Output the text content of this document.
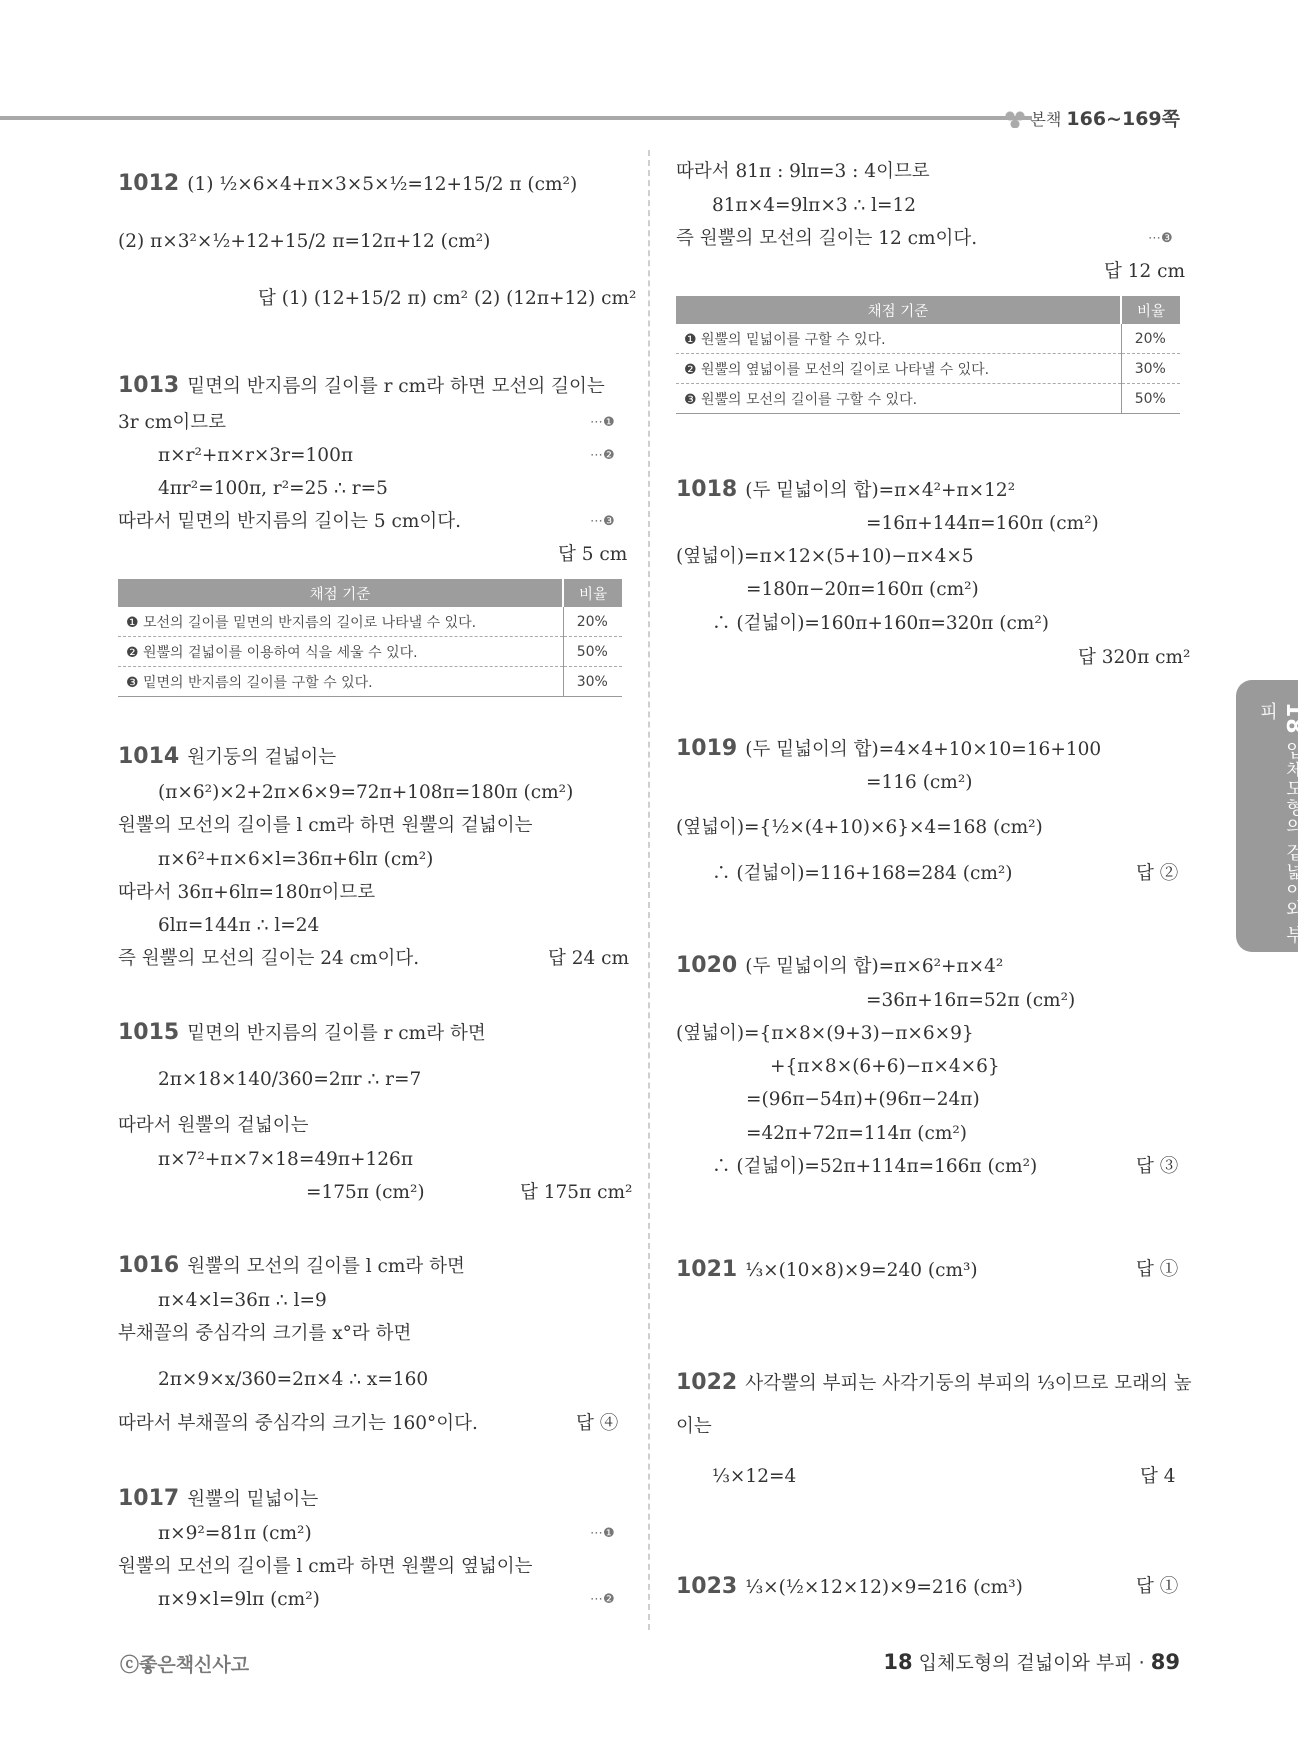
본책 166~169쪽
1012 (1) ½×6×4+π×3×5×½=12+15/2 π (cm²)
(2) π×3²×½+12+15/2 π=12π+12 (cm²)
답 (1) (12+15/2 π) cm² (2) (12π+12) cm²
1013 밑면의 반지름의 길이를 r cm라 하면 모선의 길이는
3r cm이므로	⋯❶
π×r²+π×r×3r=100π	⋯❷
4πr²=100π, r²=25 ∴ r=5
따라서 밑면의 반지름의 길이는 5 cm이다.	⋯❸
답 5 cm
채점 기준	비율
❶ 모선의 길이를 밑면의 반지름의 길이로 나타낼 수 있다.	20%
❷ 원뿔의 겉넓이를 이용하여 식을 세울 수 있다.	50%
❸ 밑면의 반지름의 길이를 구할 수 있다.	30%
1014 원기둥의 겉넓이는
(π×6²)×2+2π×6×9=72π+108π=180π (cm²)
원뿔의 모선의 길이를 l cm라 하면 원뿔의 겉넓이는
π×6²+π×6×l=36π+6lπ (cm²)
따라서 36π+6lπ=180π이므로
6lπ=144π ∴ l=24
즉 원뿔의 모선의 길이는 24 cm이다.	답 24 cm
1015 밑면의 반지름의 길이를 r cm라 하면
2π×18×140/360=2πr ∴ r=7
따라서 원뿔의 겉넓이는
π×7²+π×7×18=49π+126π
=175π (cm²)	답 175π cm²
1016 원뿔의 모선의 길이를 l cm라 하면
π×4×l=36π ∴ l=9
부채꼴의 중심각의 크기를 x°라 하면
2π×9×x/360=2π×4 ∴ x=160
따라서 부채꼴의 중심각의 크기는 160°이다.	답 ④
1017 원뿔의 밑넓이는
π×9²=81π (cm²)	⋯❶
원뿔의 모선의 길이를 l cm라 하면 원뿔의 옆넓이는
π×9×l=9lπ (cm²)	⋯❷
따라서 81π : 9lπ=3 : 4이므로
81π×4=9lπ×3 ∴ l=12
즉 원뿔의 모선의 길이는 12 cm이다.	⋯❸
답 12 cm
채점 기준	비율
❶ 원뿔의 밑넓이를 구할 수 있다.	20%
❷ 원뿔의 옆넓이를 모선의 길이로 나타낼 수 있다.	30%
❸ 원뿔의 모선의 길이를 구할 수 있다.	50%
1018 (두 밑넓이의 합)=π×4²+π×12²
=16π+144π=160π (cm²)
(옆넓이)=π×12×(5+10)−π×4×5
=180π−20π=160π (cm²)
∴ (겉넓이)=160π+160π=320π (cm²)
답 320π cm²
1019 (두 밑넓이의 합)=4×4+10×10=16+100
=116 (cm²)
(옆넓이)={½×(4+10)×6}×4=168 (cm²)
∴ (겉넓이)=116+168=284 (cm²)	답 ②
1020 (두 밑넓이의 합)=π×6²+π×4²
=36π+16π=52π (cm²)
(옆넓이)={π×8×(9+3)−π×6×9}
+{π×8×(6+6)−π×4×6}
=(96π−54π)+(96π−24π)
=42π+72π=114π (cm²)
∴ (겉넓이)=52π+114π=166π (cm²)	답 ③
1021 ⅓×(10×8)×9=240 (cm³)	답 ①
1022 사각뿔의 부피는 사각기둥의 부피의 ⅓이므로 모래의 높
이는
⅓×12=4	답 4
1023 ⅓×(½×12×12)×9=216 (cm³)	답 ①
18 입체도형의 겉넓이와 부피
ⓒ좋은책신사고	18 입체도형의 겉넓이와 부피 · 89
